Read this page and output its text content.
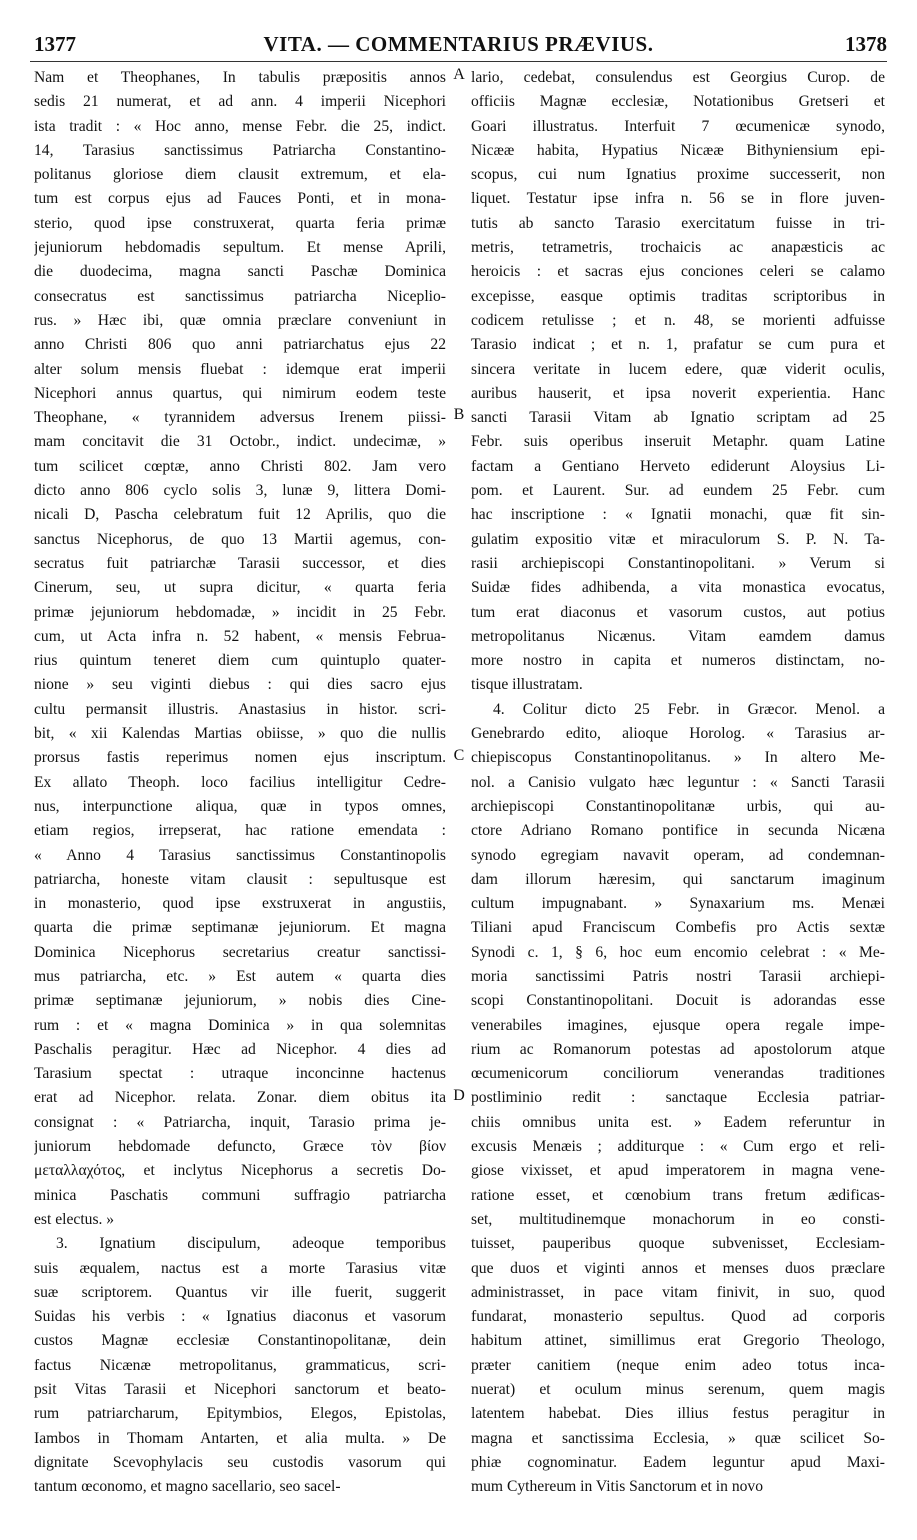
1377	VITA. — COMMENTARIUS PRÆVIUS.	1378
Nam et Theophanes, In tabulis præpositis annos
sedis 21 numerat, et ad ann. 4 imperii Nicephori
ista tradit : « Hoc anno, mense Febr. die 25, indict.
14, Tarasius sanctissimus Patriarcha Constantino-
politanus gloriose diem clausit extremum, et ela-
tum est corpus ejus ad Fauces Ponti, et in mona-
sterio, quod ipse construxerat, quarta feria primæ
jejuniorum hebdomadis sepultum. Et mense Aprili,
die duodecima, magna sancti Paschæ Dominica
consecratus est sanctissimus patriarcha Niceplio-
rus. » Hæc ibi, quæ omnia præclare conveniunt in
anno Christi 806 quo anni patriarchatus ejus 22
alter solum mensis fluebat : idemque erat imperii
Nicephori annus quartus, qui nimirum eodem teste
Theophane, « tyrannidem adversus Irenem piissi-
mam concitavit die 31 Octobr., indict. undecimæ, »
tum scilicet cœptæ, anno Christi 802. Jam vero
dicto anno 806 cyclo solis 3, lunæ 9, littera Domi-
nicali D, Pascha celebratum fuit 12 Aprilis, quo die
sanctus Nicephorus, de quo 13 Martii agemus, con-
secratus fuit patriarchæ Tarasii successor, et dies
Cinerum, seu, ut supra dicitur, « quarta feria
primæ jejuniorum hebdomadæ, » incidit in 25 Febr.
cum, ut Acta infra n. 52 habent, « mensis Februa-
rius quintum teneret diem cum quintuplo quater-
nione » seu viginti diebus : qui dies sacro ejus
cultu permansit illustris. Anastasius in histor. scri-
bit, « xii Kalendas Martias obiisse, » quo die nullis
prorsus fastis reperimus nomen ejus inscriptum.
Ex allato Theoph. loco facilius intelligitur Cedre-
nus, interpunctione aliqua, quæ in typos omnes,
etiam regios, irrepserat, hac ratione emendata :
« Anno 4 Tarasius sanctissimus Constantinopolis
patriarcha, honeste vitam clausit : sepultusque est
in monasterio, quod ipse exstruxerat in angustiis,
quarta die primæ septimanæ jejuniorum. Et magna
Dominica Nicephorus secretarius creatur sanctissi-
mus patriarcha, etc. » Est autem « quarta dies
primæ septimanæ jejuniorum, » nobis dies Cine-
rum : et « magna Dominica » in qua solemnitas
Paschalis peragitur. Hæc ad Nicephor. 4 dies ad
Tarasium spectat : utraque inconcinne hactenus
erat ad Nicephor. relata. Zonar. diem obitus ita
consignat : « Patriarcha, inquit, Tarasio prima je-
juniorum hebdomade defuncto, Græce τὸν βίον
μεταλλαχότος, et inclytus Nicephorus a secretis Do-
minica Paschatis communi suffragio patriarcha
est electus. »
3. Ignatium discipulum, adeoque temporibus
suis æqualem, nactus est a morte Tarasius vitæ
suæ scriptorem. Quantus vir ille fuerit, suggerit
Suidas his verbis : « Ignatius diaconus et vasorum
custos Magnæ ecclesiæ Constantinopolitanæ, dein
factus Nicænæ metropolitanus, grammaticus, scri-
psit Vitas Tarasii et Nicephori sanctorum et beato-
rum patriarcharum, Epitymbios, Elegos, Epistolas,
Iambos in Thomam Antarten, et alia multa. » De
dignitate Scevophylacis seu custodis vasorum qui
tantum œconomo, et magno sacellario, seo sacel-
lario, cedebat, consulendus est Georgius Curop. de
officiis Magnæ ecclesiæ, Notationibus Gretseri et
Goari illustratus. Interfuit 7 œcumenicæ synodo,
Nicææ habita, Hypatius Nicææ Bithyniensium epi-
scopus, cui num Ignatius proxime successerit, non
liquet. Testatur ipse infra n. 56 se in flore juven-
tutis ab sancto Tarasio exercitatum fuisse in tri-
metris, tetrametris, trochaicis ac anapæsticis ac
heroicis : et sacras ejus conciones celeri se calamo
excepisse, easque optimis traditas scriptoribus in
codicem retulisse ; et n. 48, se morienti adfuisse
Tarasio indicat ; et n. 1, prafatur se cum pura et
sincera veritate in lucem edere, quæ viderit oculis,
auribus hauserit, et ipsa noverit experientia. Hanc
sancti Tarasii Vitam ab Ignatio scriptam ad 25
Febr. suis operibus inseruit Metaphr. quam Latine
factam a Gentiano Herveto ediderunt Aloysius Li-
pom. et Laurent. Sur. ad eundem 25 Febr. cum
hac inscriptione : « Ignatii monachi, quæ fit sin-
gulatim expositio vitæ et miraculorum S. P. N. Ta-
rasii archiepiscopi Constantinopolitani. » Verum si
Suidæ fides adhibenda, a vita monastica evocatus,
tum erat diaconus et vasorum custos, aut potius
metropolitanus Nicænus. Vitam eamdem damus
more nostro in capita et numeros distinctam, no-
tisque illustratam.
4. Colitur dicto 25 Febr. in Græcor. Menol. a
Genebrardo edito, alioque Horolog. « Tarasius ar-
chiepiscopus Constantinopolitanus. » In altero Me-
nol. a Canisio vulgato hæc leguntur : « Sancti Tarasii
archiepiscopi Constantinopolitanæ urbis, qui au-
ctore Adriano Romano pontifice in secunda Nicæna
synodo egregiam navavit operam, ad condemnan-
dam illorum hæresim, qui sanctarum imaginum
cultum impugnabant. » Synaxarium ms. Menæi
Tiliani apud Franciscum Combefis pro Actis sextæ
Synodi c. 1, § 6, hoc eum encomio celebrat : « Me-
moria sanctissimi Patris nostri Tarasii archiepi-
scopi Constantinopolitani. Docuit is adorandas esse
venerabiles imagines, ejusque opera regale impe-
rium ac Romanorum potestas ad apostolorum atque
œcumenicorum conciliorum venerandas traditiones
postliminio redit : sanctaque Ecclesia patriar-
chiis omnibus unita est. » Eadem referuntur in
excusis Menæis ; additurque : « Cum ergo et reli-
giose vixisset, et apud imperatorem in magna vene-
ratione esset, et cœnobium trans fretum ædificas-
set, multitudinemque monachorum in eo consti-
tuisset, pauperibus quoque subvenisset, Ecclesiam-
que duos et viginti annos et menses duos præclare
administrasset, in pace vitam finivit, in suo, quod
fundarat, monasterio sepultus. Quod ad corporis
habitum attinet, simillimus erat Gregorio Theologo,
præter canitiem (neque enim adeo totus inca-
nuerat) et oculum minus serenum, quem magis
latentem habebat. Dies illius festus peragitur in
magna et sanctissima Ecclesia, » quæ scilicet So-
phiæ cognominatur. Eadem leguntur apud Maxi-
mum Cythereum in Vitis Sanctorum et in novo
A
B
C
D
